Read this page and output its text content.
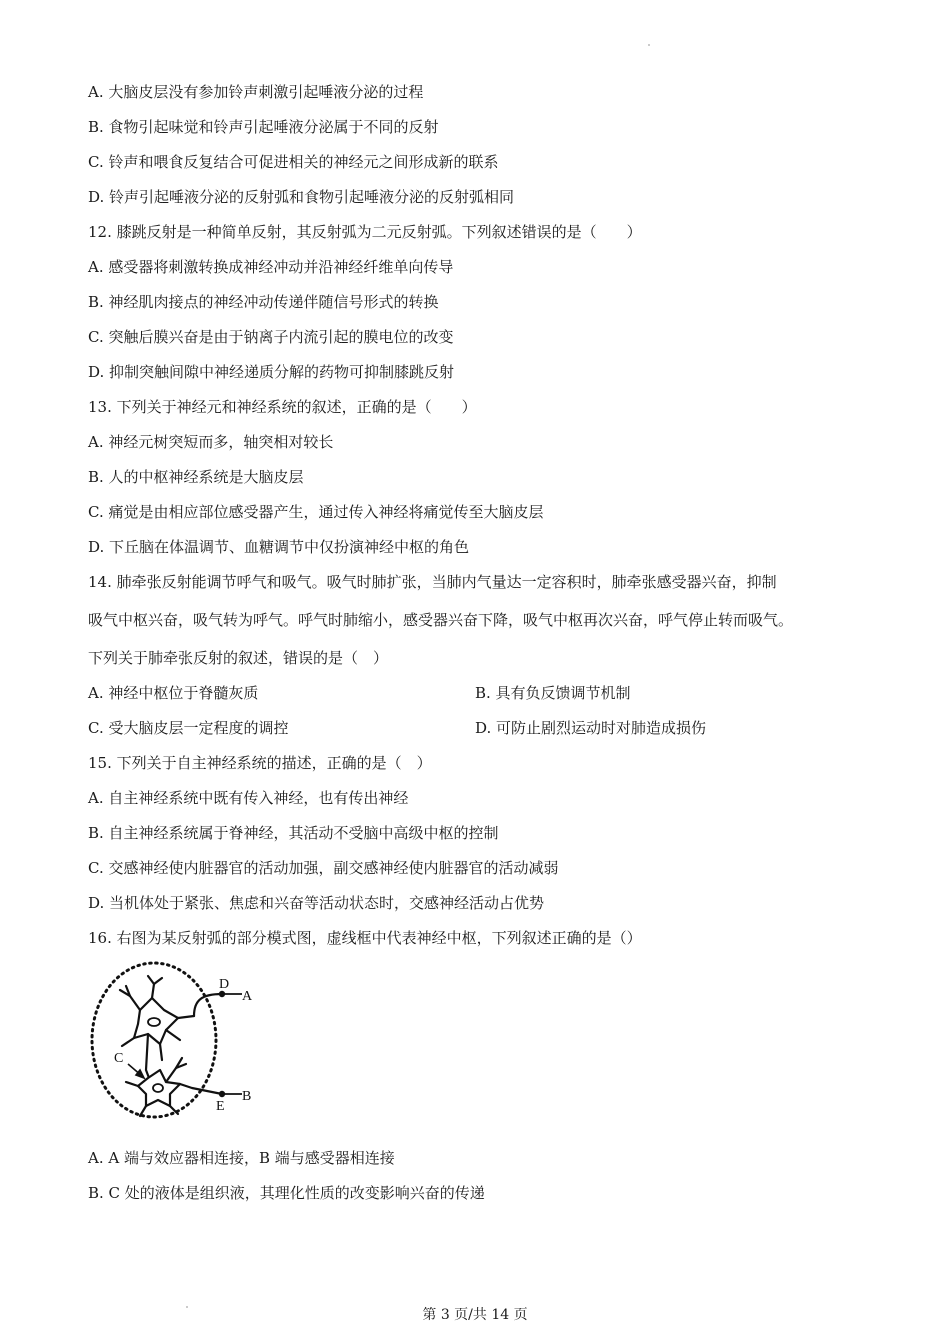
A. 大脑皮层没有参加铃声刺激引起唾液分泌的过程
B. 食物引起味觉和铃声引起唾液分泌属于不同的反射
C. 铃声和喂食反复结合可促进相关的神经元之间形成新的联系
D. 铃声引起唾液分泌的反射弧和食物引起唾液分泌的反射弧相同
12. 膝跳反射是一种简单反射，其反射弧为二元反射弧。下列叙述错误的是（　　）
A. 感受器将刺激转换成神经冲动并沿神经纤维单向传导
B. 神经肌肉接点的神经冲动传递伴随信号形式的转换
C. 突触后膜兴奋是由于钠离子内流引起的膜电位的改变
D. 抑制突触间隙中神经递质分解的药物可抑制膝跳反射
13. 下列关于神经元和神经系统的叙述，正确的是（　　）
A. 神经元树突短而多，轴突相对较长
B. 人的中枢神经系统是大脑皮层
C. 痛觉是由相应部位感受器产生，通过传入神经将痛觉传至大脑皮层
D. 下丘脑在体温调节、血糖调节中仅扮演神经中枢的角色
14. 肺牵张反射能调节呼气和吸气。吸气时肺扩张，当肺内气量达一定容积时，肺牵张感受器兴奋，抑制
吸气中枢兴奋，吸气转为呼气。呼气时肺缩小，感受器兴奋下降，吸气中枢再次兴奋，呼气停止转而吸气。
下列关于肺牵张反射的叙述，错误的是（　）
A. 神经中枢位于脊髓灰质	B. 具有负反馈调节机制
C. 受大脑皮层一定程度的调控	D. 可防止剧烈运动时对肺造成损伤
15. 下列关于自主神经系统的描述，正确的是（　）
A. 自主神经系统中既有传入神经，也有传出神经
B. 自主神经系统属于脊神经，其活动不受脑中高级中枢的控制
C. 交感神经使内脏器官的活动加强，副交感神经使内脏器官的活动减弱
D. 当机体处于紧张、焦虑和兴奋等活动状态时，交感神经活动占优势
16. 右图为某反射弧的部分模式图，虚线框中代表神经中枢，下列叙述正确的是（）
D
A
C
E
B
A. A 端与效应器相连接，B 端与感受器相连接
B. C 处的液体是组织液，其理化性质的改变影响兴奋的传递
第 3 页/共 14 页
